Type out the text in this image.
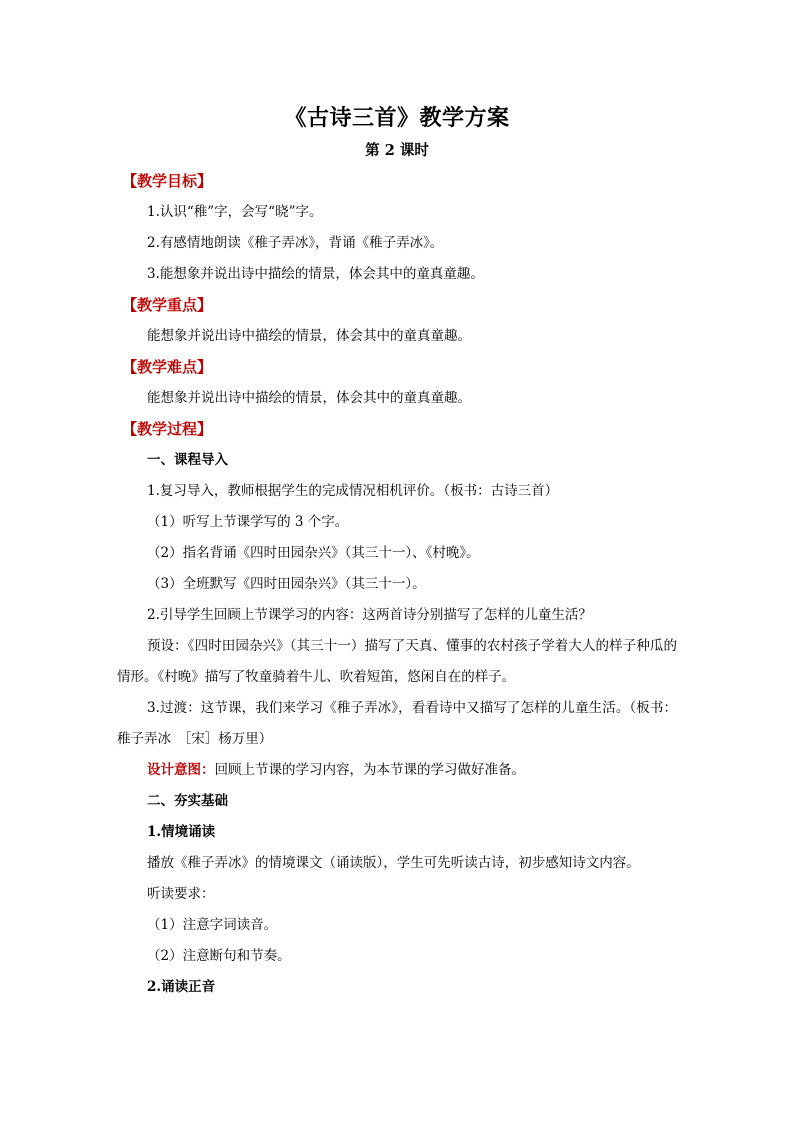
《古诗三首》教学方案

第 2 课时

【教学目标】

1.认识“稚”字，会写“晓”字。

2.有感情地朗读《稚子弄冰》，背诵《稚子弄冰》。

3.能想象并说出诗中描绘的情景，体会其中的童真童趣。

【教学重点】

能想象并说出诗中描绘的情景，体会其中的童真童趣。

【教学难点】

能想象并说出诗中描绘的情景，体会其中的童真童趣。

【教学过程】

一、课程导入

1.复习导入，教师根据学生的完成情况相机评价。（板书：古诗三首）

（1）听写上节课学写的 3 个字。

（2）指名背诵《四时田园杂兴》（其三十一）、《村晚》。

（3）全班默写《四时田园杂兴》（其三十一）。

2.引导学生回顾上节课学习的内容：这两首诗分别描写了怎样的儿童生活？

预设：《四时田园杂兴》（其三十一）描写了天真、懂事的农村孩子学着大人的样子种瓜的情形。《村晚》描写了牧童骑着牛儿、吹着短笛，悠闲自在的样子。

3.过渡：这节课，我们来学习《稚子弄冰》，看看诗中又描写了怎样的儿童生活。（板书：稚子弄冰　［宋］杨万里）

设计意图：回顾上节课的学习内容，为本节课的学习做好准备。

二、夯实基础

1.情境诵读

播放《稚子弄冰》的情境课文（诵读版），学生可先听读古诗，初步感知诗文内容。

听读要求：

（1）注意字词读音。

（2）注意断句和节奏。

2.诵读正音
